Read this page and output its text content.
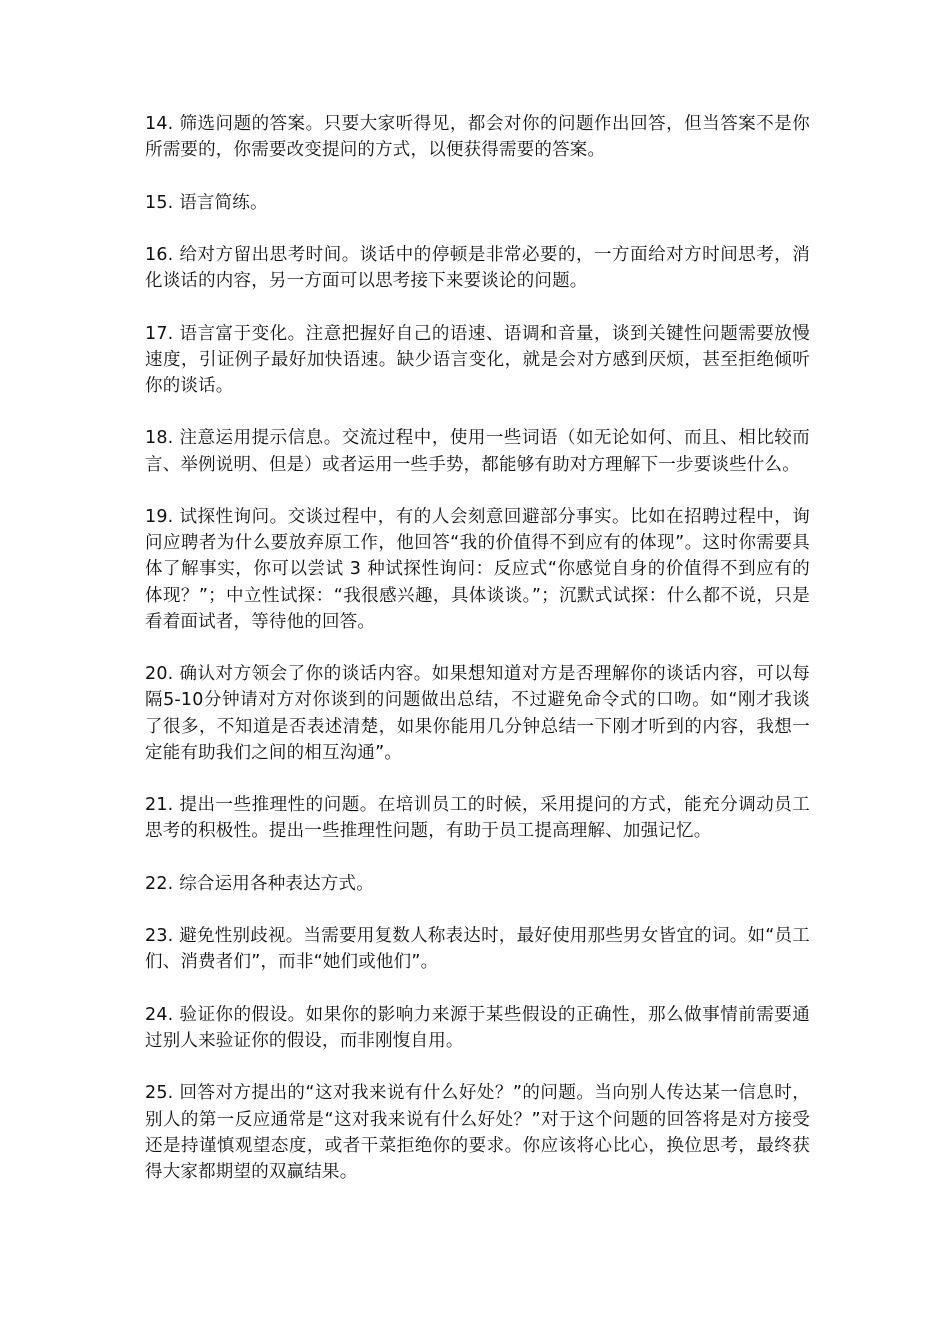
14. 筛选问题的答案。只要大家听得见，都会对你的问题作出回答，但当答案不是你所需要的，你需要改变提问的方式，以便获得需要的答案。

15. 语言简练。

16. 给对方留出思考时间。谈话中的停顿是非常必要的，一方面给对方时间思考，消化谈话的内容，另一方面可以思考接下来要谈论的问题。

17. 语言富于变化。注意把握好自己的语速、语调和音量，谈到关键性问题需要放慢速度，引证例子最好加快语速。缺少语言变化，就是会对方感到厌烦，甚至拒绝倾听你的谈话。

18. 注意运用提示信息。交流过程中，使用一些词语（如无论如何、而且、相比较而言、举例说明、但是）或者运用一些手势，都能够有助对方理解下一步要谈些什么。

19. 试探性询问。交谈过程中，有的人会刻意回避部分事实。比如在招聘过程中，询问应聘者为什么要放弃原工作，他回答“我的价值得不到应有的体现”。这时你需要具体了解事实，你可以尝试 3 种试探性询问：反应式“你感觉自身的价值得不到应有的体现？”；中立性试探：“我很感兴趣，具体谈谈。”；沉默式试探：什么都不说，只是看着面试者，等待他的回答。

20. 确认对方领会了你的谈话内容。如果想知道对方是否理解你的谈话内容，可以每隔5-10分钟请对方对你谈到的问题做出总结，不过避免命令式的口吻。如“刚才我谈了很多，不知道是否表述清楚，如果你能用几分钟总结一下刚才听到的内容，我想一定能有助我们之间的相互沟通”。

21. 提出一些推理性的问题。在培训员工的时候，采用提问的方式，能充分调动员工思考的积极性。提出一些推理性问题，有助于员工提高理解、加强记忆。

22. 综合运用各种表达方式。

23. 避免性别歧视。当需要用复数人称表达时，最好使用那些男女皆宜的词。如“员工们、消费者们”，而非“她们或他们”。

24. 验证你的假设。如果你的影响力来源于某些假设的正确性，那么做事情前需要通过别人来验证你的假设，而非刚愎自用。

25. 回答对方提出的“这对我来说有什么好处？”的问题。当向别人传达某一信息时，别人的第一反应通常是“这对我来说有什么好处？”对于这个问题的回答将是对方接受还是持谨慎观望态度，或者干菜拒绝你的要求。你应该将心比心，换位思考，最终获得大家都期望的双赢结果。
